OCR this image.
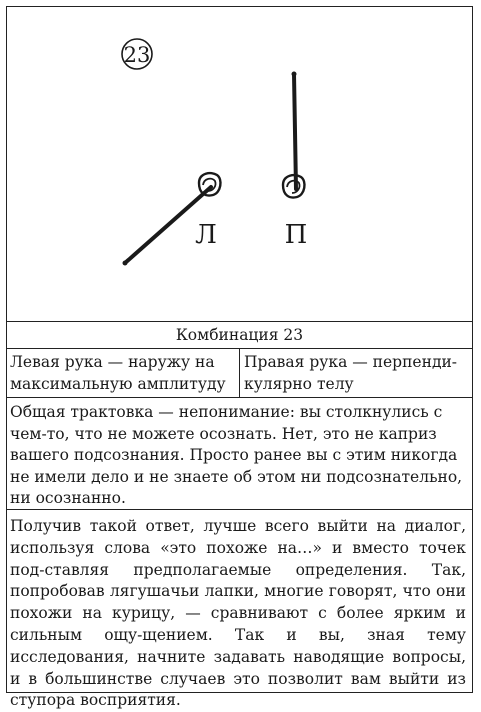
23
Л	П
Комбинация 23
Левая рука — наружу на максимальную амплитуду
Правая рука — перпенди-кулярно телу
Общая трактовка — непонимание: вы столкнулись с чем-то, что не можете осознать. Нет, это не каприз вашего подсознания. Просто ранее вы с этим никогда не имели дело и не знаете об этом ни подсознательно, ни осознанно.
Получив такой ответ, лучше всего выйти на диалог, используя слова «это похоже на…» и вместо точек под-ставляя предполагаемые определения. Так, попробовав лягушачьи лапки, многие говорят, что они похожи на курицу, — сравнивают с более ярким и сильным ощу-щением. Так и вы, зная тему исследования, начните задавать наводящие вопросы, и в большинстве случаев это позволит вам выйти из ступора восприятия.
